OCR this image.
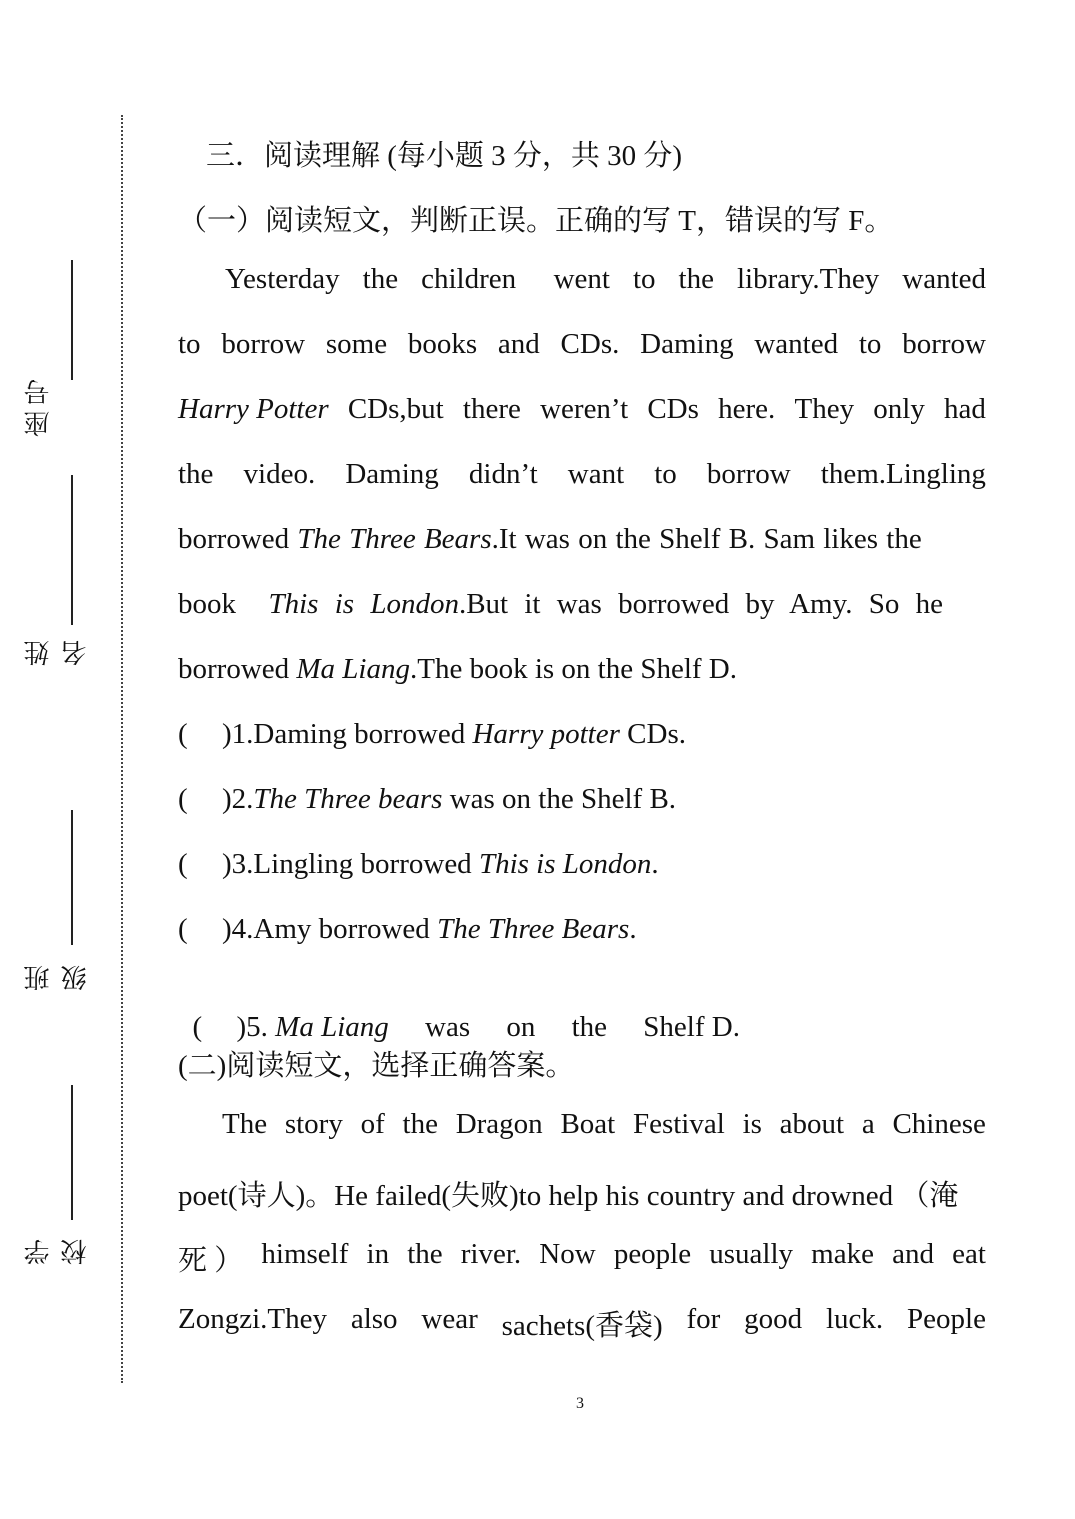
座号
姓 名
班 级
学 校
三．阅读理解 (每小题 3 分，共 30 分)
（一）阅读短文，判断正误。正确的写 T，错误的写 F。
Yesterday the children went to the library.They wanted
to borrow some books and CDs. Daming wanted to borrow
Harry Potter CDs,but there weren’t CDs here. They only had
the video. Daming didn’t want to borrow them.Lingling
borrowed The Three Bears.It was on the Shelf B. Sam likes the
book This is London.But it was borrowed by Amy. So he
borrowed Ma Liang.The book is on the Shelf D.
( )1.Daming borrowed Harry potter CDs.
( )2.The Three bears was on the Shelf B.
( )3.Lingling borrowed This is London.
( )4.Amy borrowed The Three Bears.

( )5. Ma Liang     was     on     the     Shelf D.

(二)阅读短文，选择正确答案。
The story of the Dragon Boat Festival is about a Chinese
poet(诗人)。He failed(失败)to help his country and drowned （淹
死 ） himself in the river. Now people usually make and eat
Zongzi.They also wear sachets(香袋) for good luck. People
3
